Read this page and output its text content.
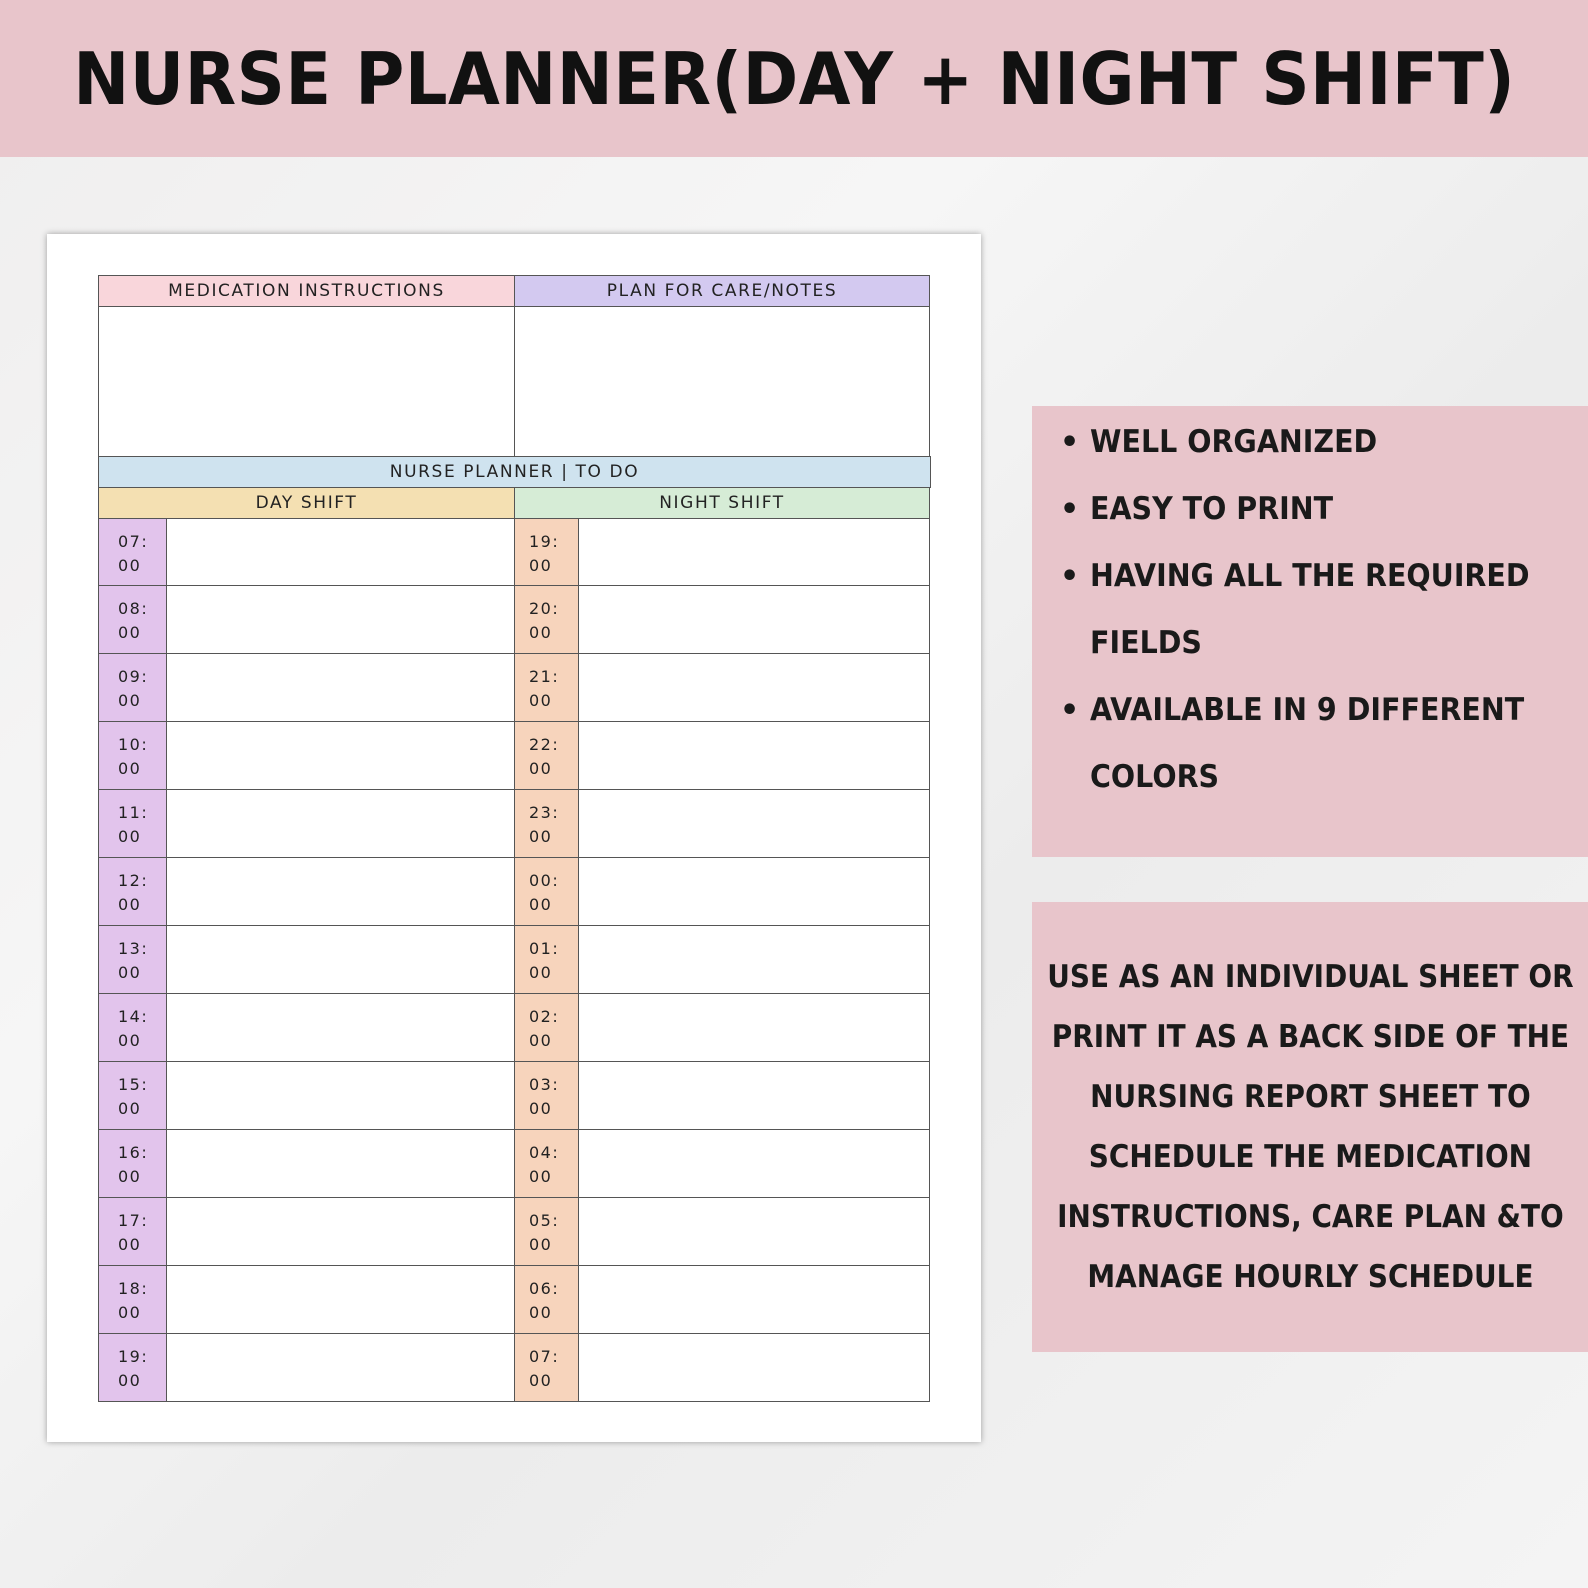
NURSE PLANNER(DAY + NIGHT SHIFT)
MEDICATION INSTRUCTIONS	PLAN FOR CARE/NOTES
NURSE PLANNER | TO DO
DAY SHIFT	NIGHT SHIFT
07:
00
08:
00
09:
00
10:
00
11:
00
12:
00
13:
00
14:
00
15:
00
16:
00
17:
00
18:
00
19:
00
19:
00
20:
00
21:
00
22:
00
23:
00
00:
00
01:
00
02:
00
03:
00
04:
00
05:
00
06:
00
07:
00
• WELL ORGANIZED
• EASY TO PRINT
• HAVING ALL THE REQUIRED
FIELDS
• AVAILABLE IN 9 DIFFERENT
COLORS
USE AS AN INDIVIDUAL SHEET OR
PRINT IT AS A BACK SIDE OF THE
NURSING REPORT SHEET TO
SCHEDULE THE MEDICATION
INSTRUCTIONS, CARE PLAN &TO
MANAGE HOURLY SCHEDULE
